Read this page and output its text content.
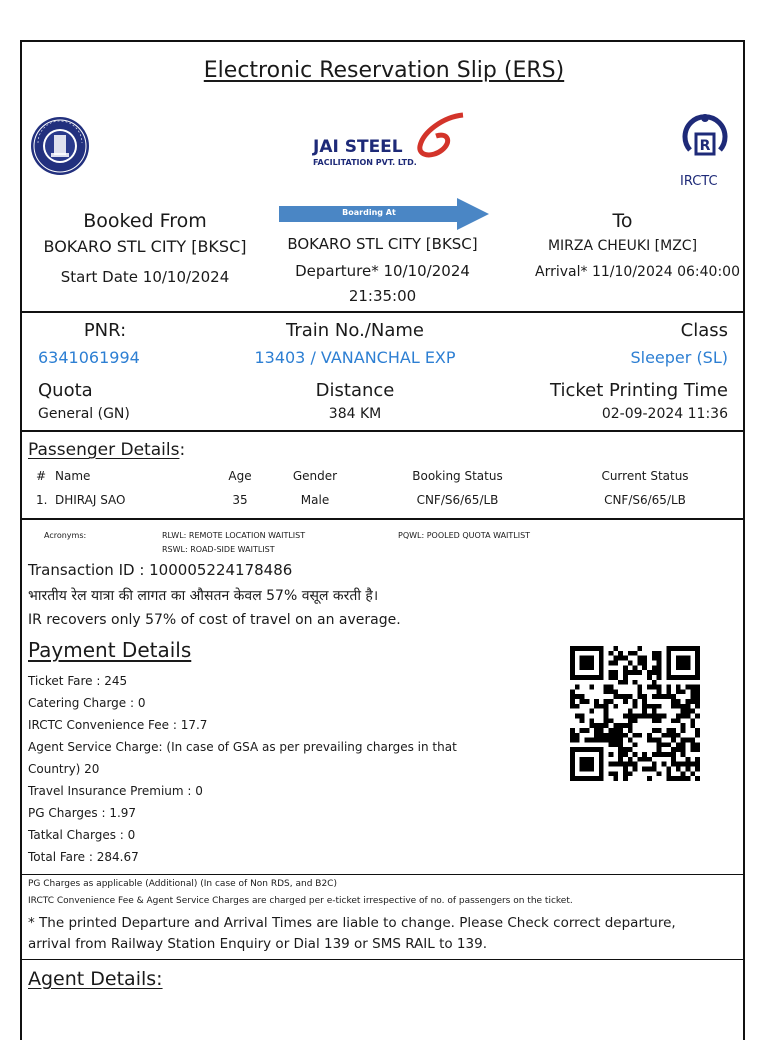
Electronic Reservation Slip (ERS)
JAI STEEL
FACILITATION PVT. LTD.
R
IRCTC
Booked From
BOKARO STL CITY [BKSC]
Start Date 10/10/2024
Boarding At
BOKARO STL CITY [BKSC]
Departure* 10/10/2024
21:35:00
To
MIRZA CHEUKI [MZC]
Arrival* 11/10/2024 06:40:00
PNR:
6341061994
Train No./Name
13403 / VANANCHAL EXP
Class
Sleeper (SL)
Quota
General (GN)
Distance
384 KM
Ticket Printing Time
02-09-2024 11:36
Passenger Details:
# Name	Age	Gender	Booking Status	Current Status
1. DHIRAJ SAO	35	Male	CNF/S6/65/LB	CNF/S6/65/LB
Acronyms:	RLWL: REMOTE LOCATION WAITLIST
RSWL: ROAD-SIDE WAITLIST
PQWL: POOLED QUOTA WAITLIST
Transaction ID : 100005224178486
भारतीय रेल यात्रा की लागत का औसतन केवल 57% वसूल करती है।
IR recovers only 57% of cost of travel on an average.
Payment Details
Ticket Fare : 245
Catering Charge : 0
IRCTC Convenience Fee : 17.7
Agent Service Charge: (In case of GSA as per prevailing charges in that
Country) 20
Travel Insurance Premium : 0
PG Charges : 1.97
Tatkal Charges : 0
Total Fare : 284.67
PG Charges as applicable (Additional) (In case of Non RDS, and B2C)
IRCTC Convenience Fee & Agent Service Charges are charged per e-ticket irrespective of no. of passengers on the ticket.
* The printed Departure and Arrival Times are liable to change. Please Check correct departure,
arrival from Railway Station Enquiry or Dial 139 or SMS RAIL to 139.
Agent Details:
